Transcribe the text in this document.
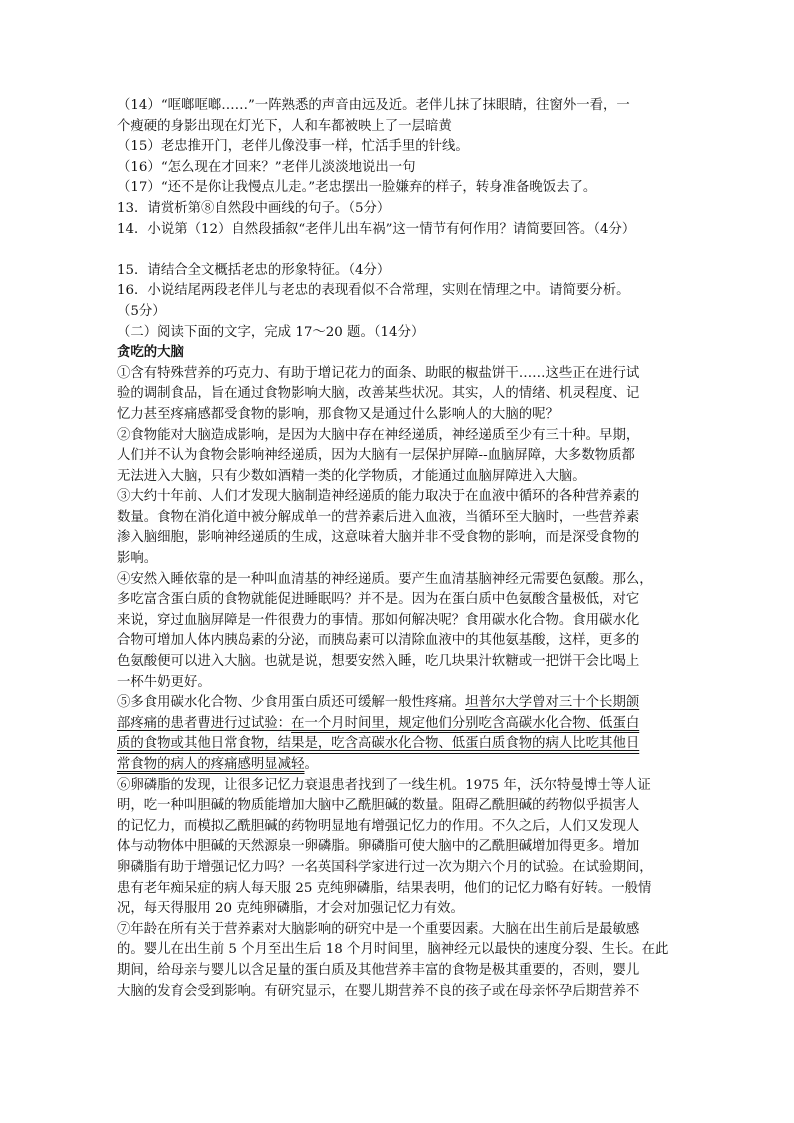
（14）“哐啷哐啷……”一阵熟悉的声音由远及近。老伴儿抹了抹眼睛，往窗外一看，一
个瘦硬的身影出现在灯光下，人和车都被映上了一层暗黄
（15）老忠推开门，老伴儿像没事一样，忙活手里的针线。
（16）“怎么现在才回来？”老伴儿淡淡地说出一句
（17）“还不是你让我慢点儿走。”老忠摆出一脸嫌弃的样子，转身准备晚饭去了。
13．请赏析第⑧自然段中画线的句子。（5分）
14．小说第（12）自然段插叙“老伴儿出车祸”这一情节有何作用？请简要回答。（4分）
15．请结合全文概括老忠的形象特征。（4分）
16．小说结尾两段老伴儿与老忠的表现看似不合常理，实则在情理之中。请简要分析。
（5分）
（二）阅读下面的文字，完成 17～20 题。（14分）
贪吃的大脑
①含有特殊营养的巧克力、有助于增记花力的面条、助眠的椒盐饼干……这些正在进行试
验的调制食品，旨在通过食物影响大脑，改善某些状况。其实，人的情绪、机灵程度、记
忆力甚至疼痛感都受食物的影响，那食物又是通过什么影响人的大脑的呢？
②食物能对大脑造成影响，是因为大脑中存在神经递质，神经递质至少有三十种。早期，
人们并不认为食物会影响神经递质，因为大脑有一层保护屏障--血脑屏障，大多数物质都
无法进入大脑，只有少数如酒精一类的化学物质，才能通过血脑屏障进入大脑。
③大约十年前、人们才发现大脑制造神经递质的能力取决于在血液中循环的各种营养素的
数量。食物在消化道中被分解成单一的营养素后进入血液，当循环至大脑时，一些营养素
渗入脑细胞，影响神经递质的生成，这意味着大脑并非不受食物的影响，而是深受食物的
影响。
④安然入睡依靠的是一种叫血清基的神经递质。要产生血清基脑神经元需要色氨酸。那么，
多吃富含蛋白质的食物就能促进睡眠吗？并不是。因为在蛋白质中色氨酸含量极低，对它
来说，穿过血脑屏障是一件很费力的事情。那如何解决呢？食用碳水化合物。食用碳水化
合物可增加人体内胰岛素的分泌，而胰岛素可以清除血液中的其他氨基酸，这样，更多的
色氨酸便可以进入大脑。也就是说，想要安然入睡，吃几块果汁软糖或一把饼干会比喝上
一杯牛奶更好。
⑤多食用碳水化合物、少食用蛋白质还可缓解一般性疼痛。坦普尔大学曾对三十个长期颌
部疼痛的患者曹进行过试验：在一个月时间里，规定他们分别吃含高碳水化合物、低蛋白
质的食物或其他日常食物，结果是，吃含高碳水化合物、低蛋白质食物的病人比吃其他日
常食物的病人的疼痛感明显减轻。
⑥卵磷脂的发现，让很多记忆力衰退患者找到了一线生机。1975 年，沃尔特曼博士等人证
明，吃一种叫胆碱的物质能增加大脑中乙酰胆碱的数量。阻碍乙酰胆碱的药物似乎损害人
的记忆力，而模拟乙酰胆碱的药物明显地有增强记忆力的作用。不久之后，人们又发现人
体与动物体中胆碱的天然源泉一卵磷脂。卵磷脂可使大脑中的乙酰胆碱增加得更多。增加
卵磷脂有助于增强记忆力吗？一名英国科学家进行过一次为期六个月的试验。在试验期间，
患有老年痴呆症的病人每天服 25 克纯卵磷脂，结果表明，他们的记忆力略有好转。一般情
况，每天得服用 20 克纯卵磷脂，才会对加强记忆力有效。
⑦年龄在所有关于营养素对大脑影响的研究中是一个重要因素。大脑在出生前后是最敏感
的。婴儿在出生前 5 个月至出生后 18 个月时间里，脑神经元以最快的速度分裂、生长。在此
期间，给母亲与婴儿以含足量的蛋白质及其他营养丰富的食物是极其重要的，否则，婴儿
大脑的发育会受到影响。有研究显示，在婴儿期营养不良的孩子或在母亲怀孕后期营养不
